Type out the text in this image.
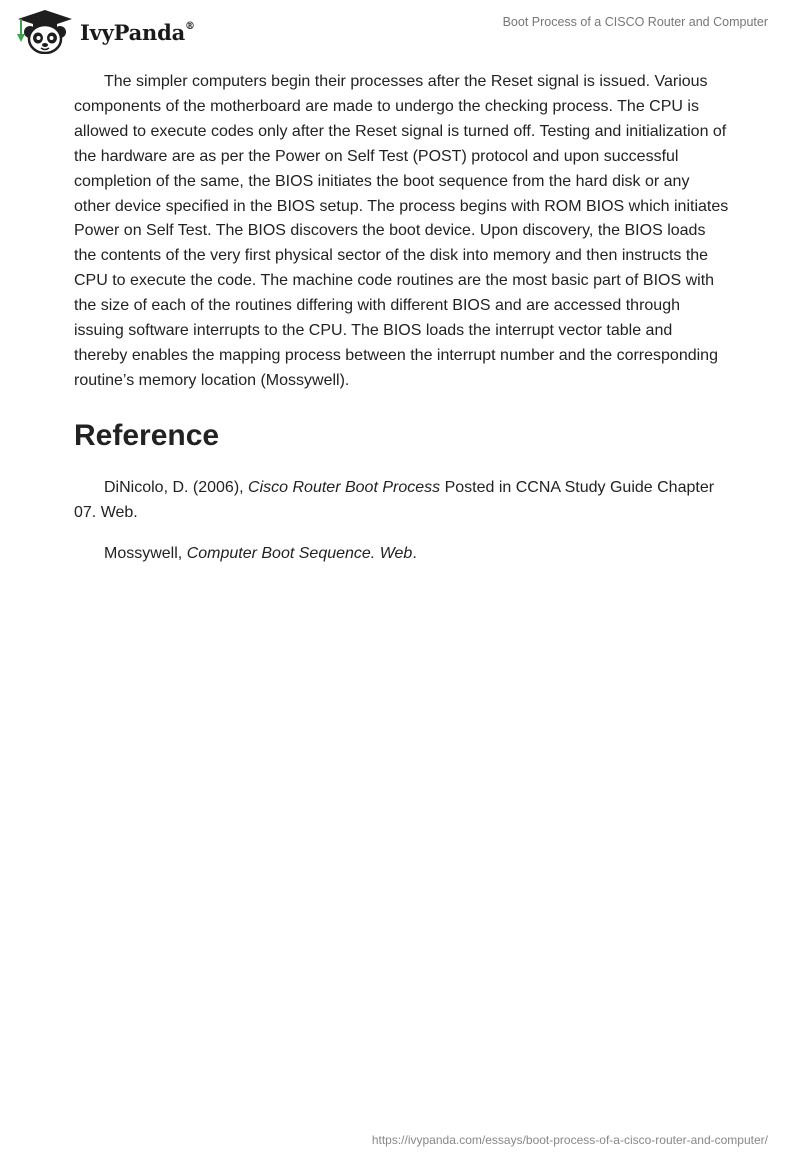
IvyPanda®	Boot Process of a CISCO Router and Computer

The simpler computers begin their processes after the Reset signal is issued. Various components of the motherboard are made to undergo the checking process. The CPU is allowed to execute codes only after the Reset signal is turned off. Testing and initialization of the hardware are as per the Power on Self Test (POST) protocol and upon successful completion of the same, the BIOS initiates the boot sequence from the hard disk or any other device specified in the BIOS setup. The process begins with ROM BIOS which initiates Power on Self Test. The BIOS discovers the boot device. Upon discovery, the BIOS loads the contents of the very first physical sector of the disk into memory and then instructs the CPU to execute the code. The machine code routines are the most basic part of BIOS with the size of each of the routines differing with different BIOS and are accessed through issuing software interrupts to the CPU. The BIOS loads the interrupt vector table and thereby enables the mapping process between the interrupt number and the corresponding routine’s memory location (Mossywell).

Reference

DiNicolo, D. (2006), Cisco Router Boot Process Posted in CCNA Study Guide Chapter 07. Web.

Mossywell, Computer Boot Sequence. Web.

https://ivypanda.com/essays/boot-process-of-a-cisco-router-and-computer/
